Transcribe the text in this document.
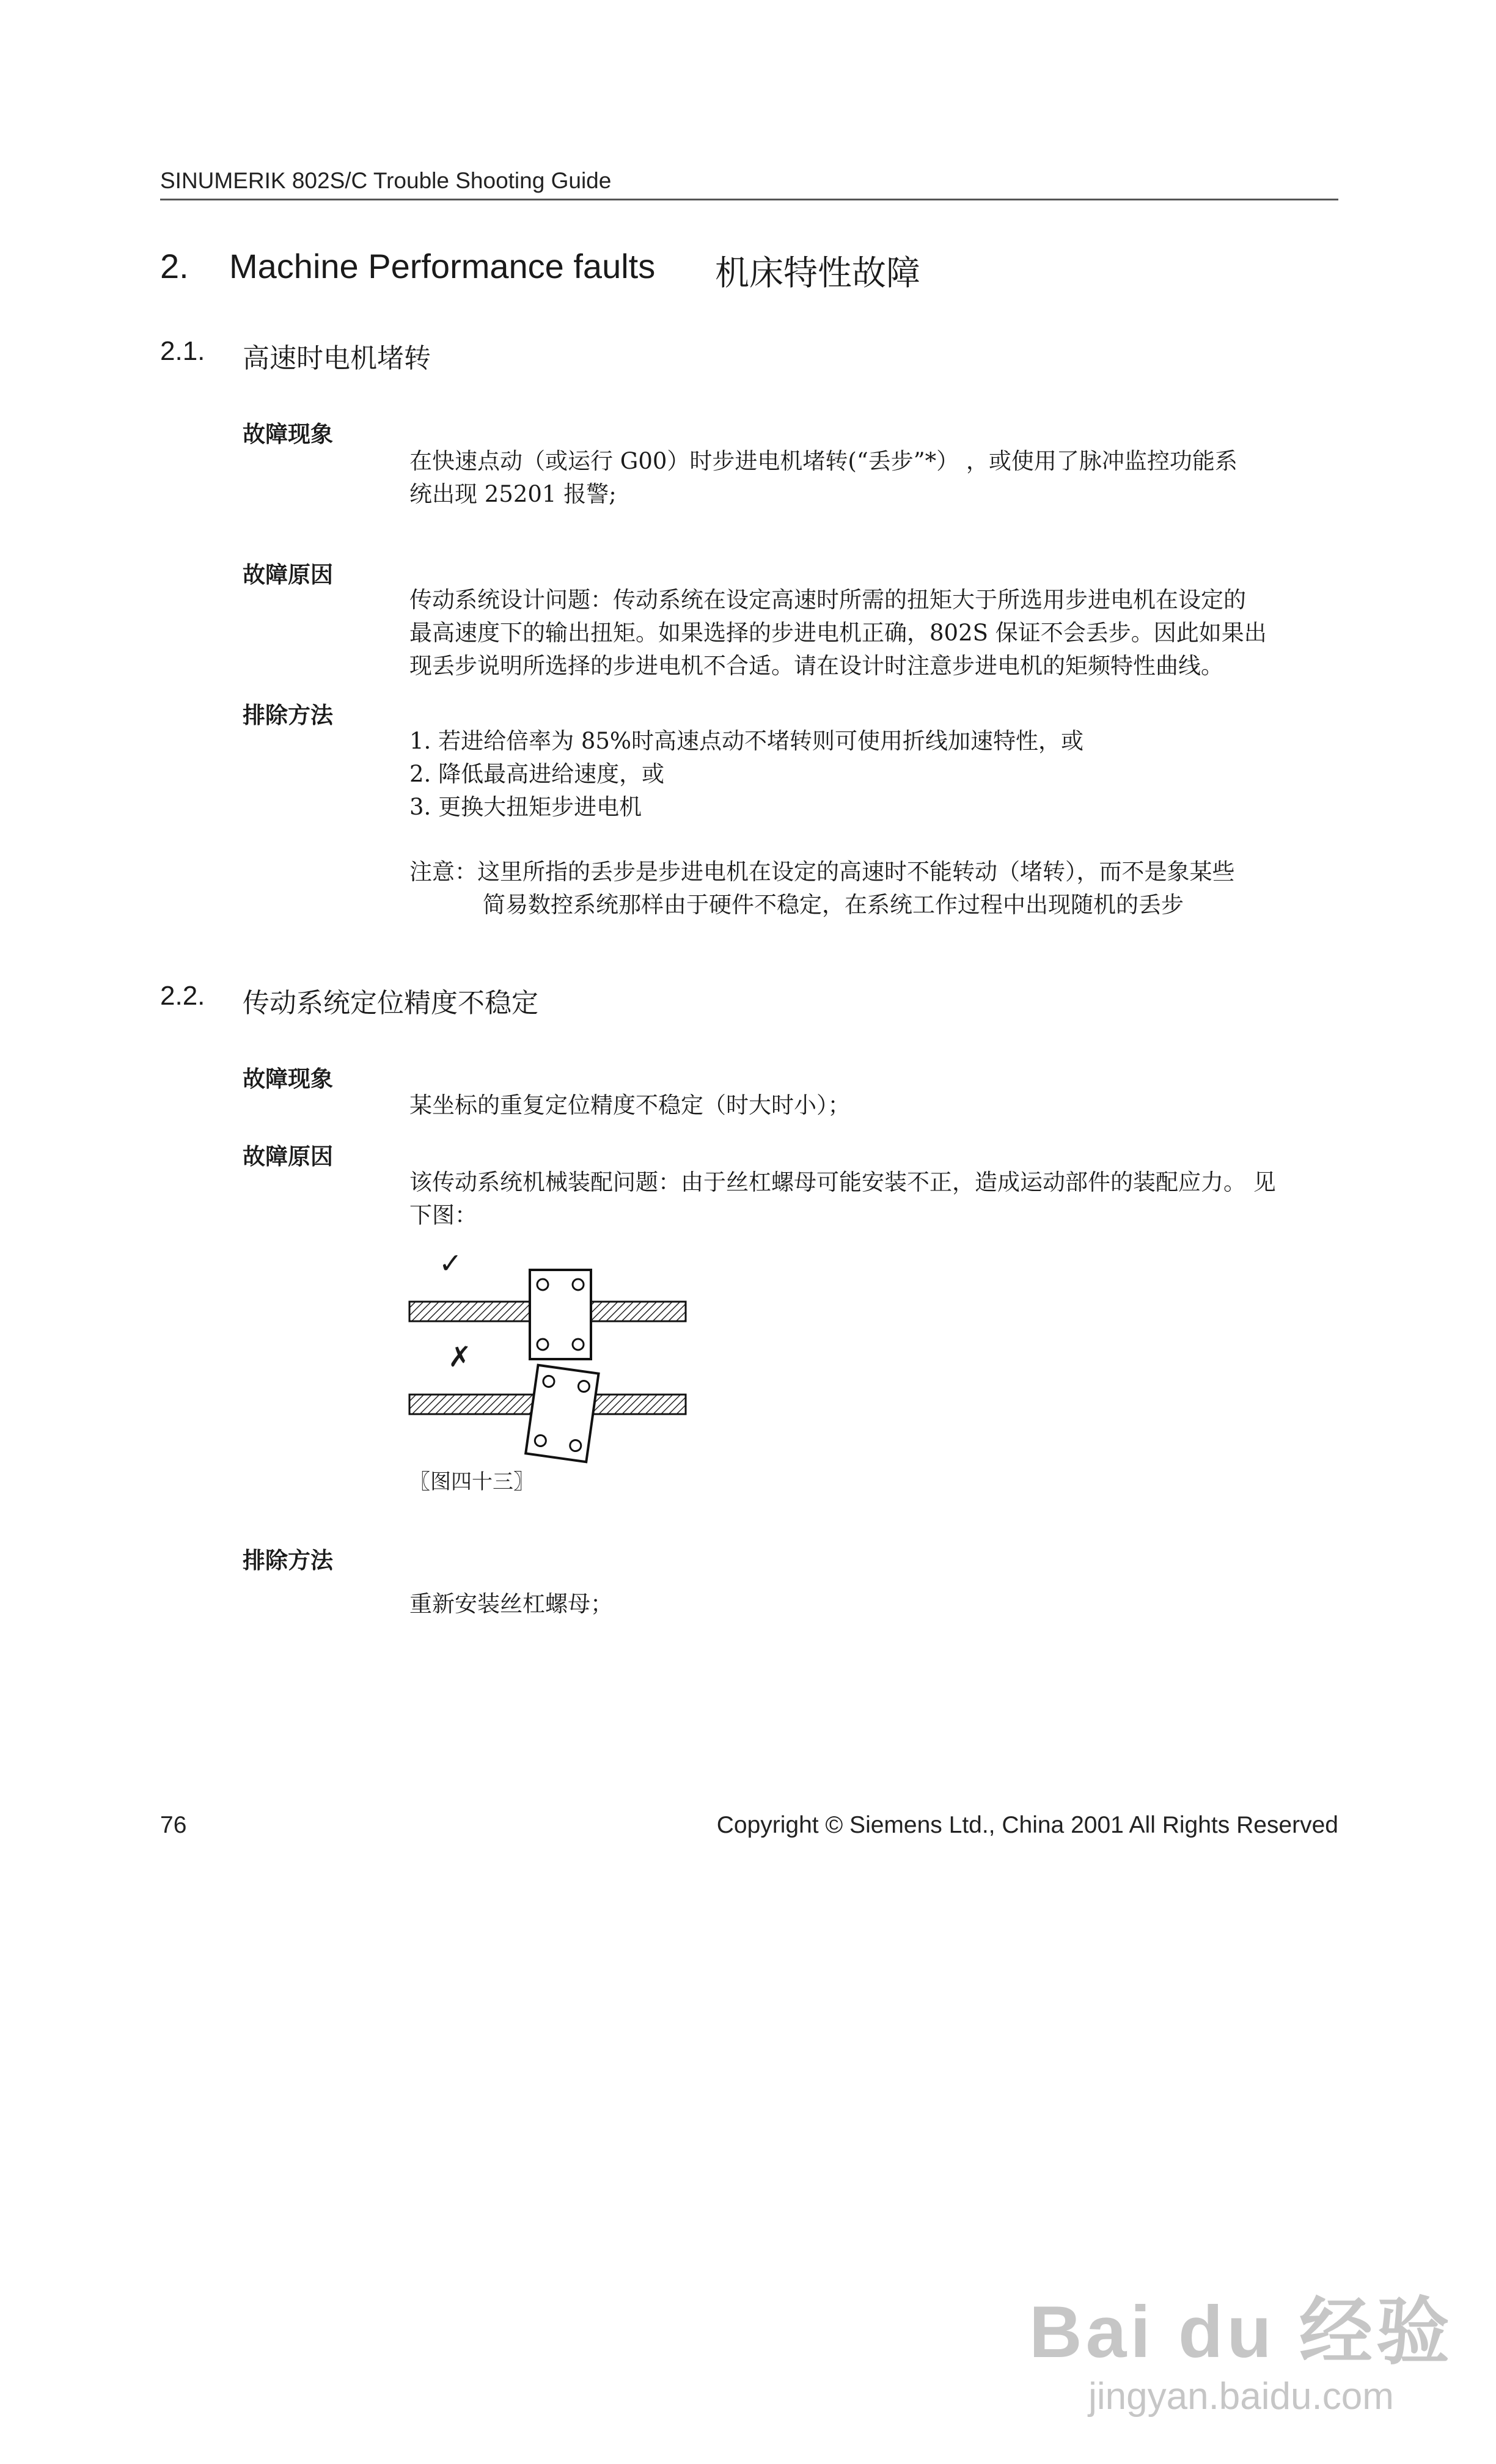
SINUMERIK 802S/C Trouble Shooting Guide
2. Machine Performance faults 机床特性故障
2.1. 高速时电机堵转
故障现象
在快速点动（或运行 G00）时步进电机堵转(“丢步”*） ，或使用了脉冲监控功能系
统出现 25201 报警;
故障原因
传动系统设计问题：传动系统在设定高速时所需的扭矩大于所选用步进电机在设定的
最高速度下的输出扭矩。如果选择的步进电机正确，802S 保证不会丢步。因此如果出
现丢步说明所选择的步进电机不合适。请在设计时注意步进电机的矩频特性曲线。
排除方法
1. 若进给倍率为 85%时高速点动不堵转则可使用折线加速特性，或
2. 降低最高进给速度，或
3. 更换大扭矩步进电机
注意：这里所指的丢步是步进电机在设定的高速时不能转动（堵转），而不是象某些
简易数控系统那样由于硬件不稳定，在系统工作过程中出现随机的丢步
2.2. 传动系统定位精度不稳定
故障现象
某坐标的重复定位精度不稳定（时大时小）；
故障原因
该传动系统机械装配问题：由于丝杠螺母可能安装不正，造成运动部件的装配应力。 见
下图：
✓
✗
〖图四十三〗
排除方法
重新安装丝杠螺母；
76	Copyright © Siemens Ltd., China 2001 All Rights Reserved
Bai du 经验
jingyan.baidu.com
